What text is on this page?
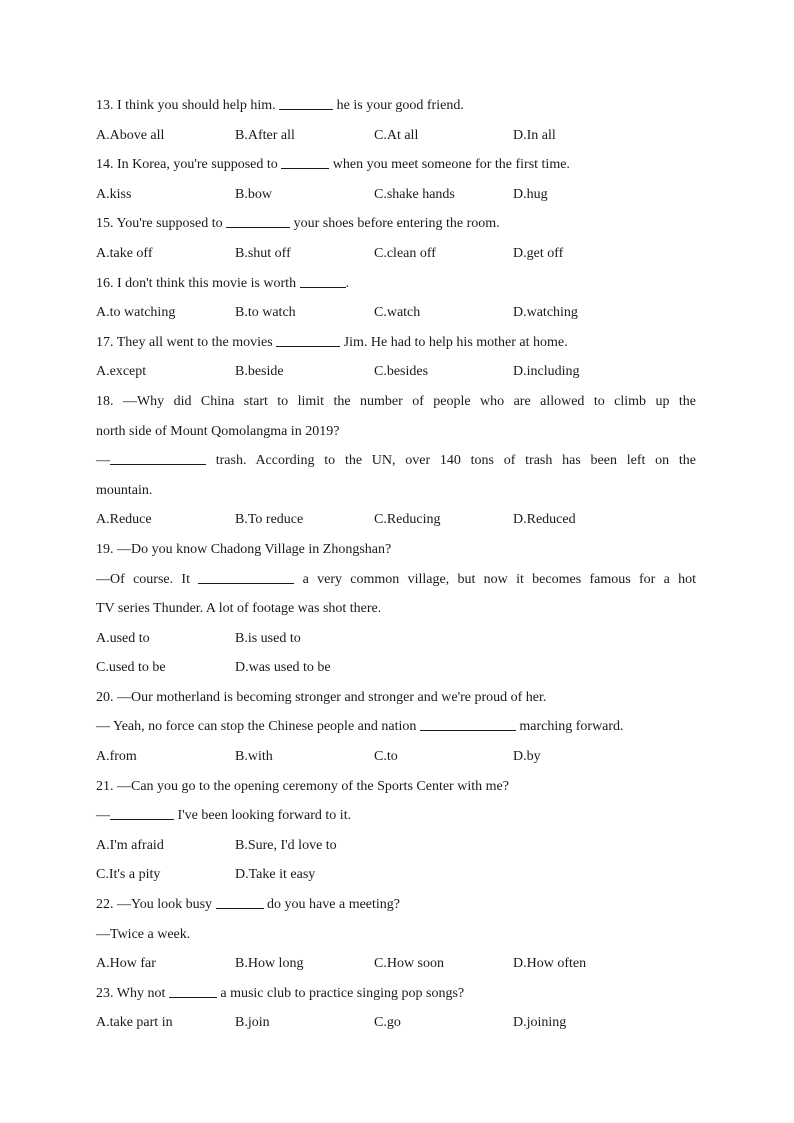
13. I think you should help him.	he is your good friend.
A.Above all	B.After all	C.At all	D.In all
14. In Korea, you're supposed to	when you meet someone for the first time.
A.kiss	B.bow	C.shake hands	D.hug
15. You're supposed to	your shoes before entering the room.
A.take off	B.shut off	C.clean off	D.get off
16. I don't think this movie is worth	.
A.to watching	B.to watch	C.watch	D.watching
17. They all went to the movies	Jim. He had to help his mother at home.
A.except	B.beside	C.besides	D.including
18. —Why did China start to limit the number of people who are allowed to climb up the
north side of Mount Qomolangma in 2019?
—	trash. According to the UN, over 140 tons of trash has been left on the
mountain.
A.Reduce	B.To reduce	C.Reducing	D.Reduced
19. —Do you know Chadong Village in Zhongshan?
—Of course. It	a very common village, but now it becomes famous for a hot
TV series Thunder. A lot of footage was shot there.
A.used to	B.is used to
C.used to be	D.was used to be
20. —Our motherland is becoming stronger and stronger and we're proud of her.
— Yeah, no force can stop the Chinese people and nation	marching forward.
A.from	B.with	C.to	D.by
21. —Can you go to the opening ceremony of the Sports Center with me?
—	I've been looking forward to it.
A.I'm afraid	B.Sure, I'd love to
C.It's a pity	D.Take it easy
22. —You look busy	do you have a meeting?
—Twice a week.
A.How far	B.How long	C.How soon	D.How often
23. Why not	a music club to practice singing pop songs?
A.take part in	B.join	C.go	D.joining
